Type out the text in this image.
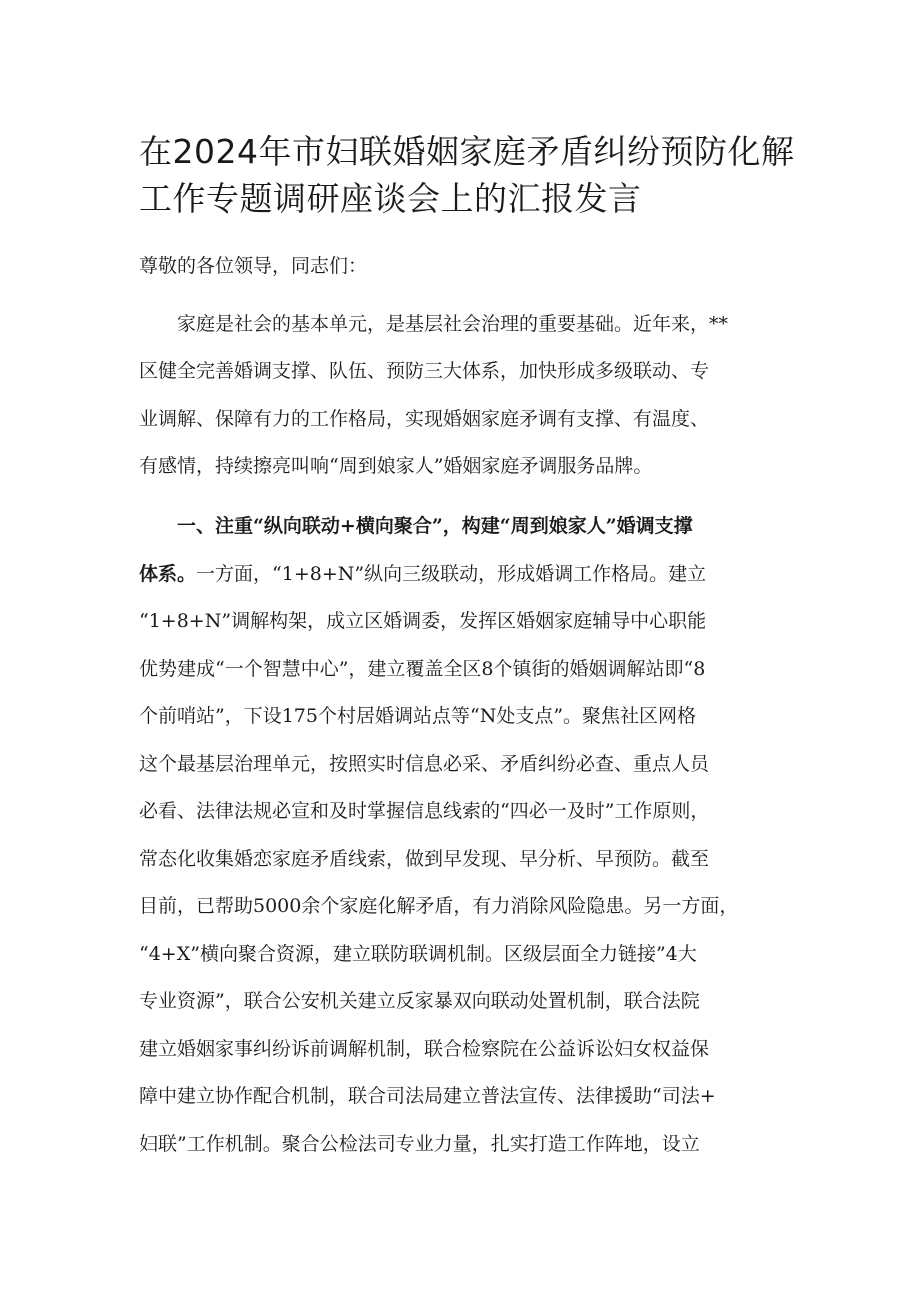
在2024年市妇联婚姻家庭矛盾纠纷预防化解
工作专题调研座谈会上的汇报发言
尊敬的各位领导，同志们：
家庭是社会的基本单元，是基层社会治理的重要基础。近年来，**
区健全完善婚调支撑、队伍、预防三大体系，加快形成多级联动、专
业调解、保障有力的工作格局，实现婚姻家庭矛调有支撑、有温度、
有感情，持续擦亮叫响“周到娘家人”婚姻家庭矛调服务品牌。
一、注重“纵向联动+横向聚合”，构建“周到娘家人”婚调支撑
体系。一方面，“1+8+N”纵向三级联动，形成婚调工作格局。建立
“1+8+N”调解构架，成立区婚调委，发挥区婚姻家庭辅导中心职能
优势建成“一个智慧中心”，建立覆盖全区8个镇街的婚姻调解站即“8
个前哨站”，下设175个村居婚调站点等“N处支点”。聚焦社区网格
这个最基层治理单元，按照实时信息必采、矛盾纠纷必查、重点人员
必看、法律法规必宣和及时掌握信息线索的“四必一及时”工作原则，
常态化收集婚恋家庭矛盾线索，做到早发现、早分析、早预防。截至
目前，已帮助5000余个家庭化解矛盾，有力消除风险隐患。另一方面，
“4+X”横向聚合资源，建立联防联调机制。区级层面全力链接”4大
专业资源”，联合公安机关建立反家暴双向联动处置机制，联合法院
建立婚姻家事纠纷诉前调解机制，联合检察院在公益诉讼妇女权益保
障中建立协作配合机制，联合司法局建立普法宣传、法律援助“司法+
妇联”工作机制。聚合公检法司专业力量，扎实打造工作阵地，设立
